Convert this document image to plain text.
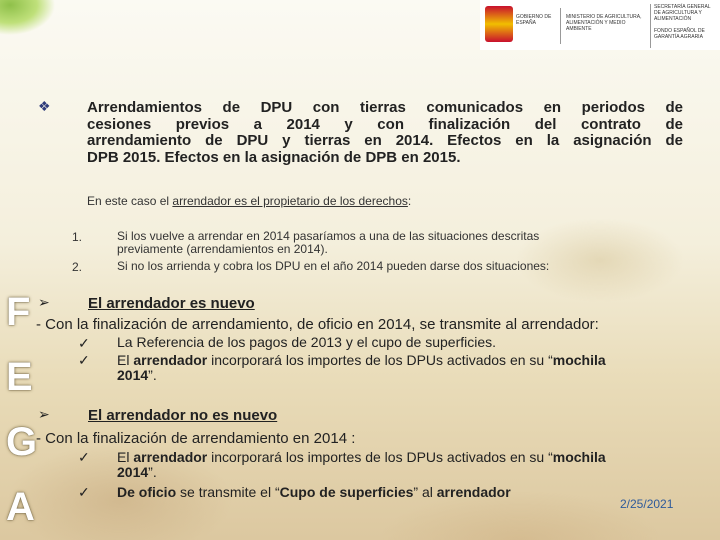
GOBIERNO DE ESPAÑA
MINISTERIO DE AGRICULTURA, ALIMENTACIÓN Y MEDIO AMBIENTE
SECRETARÍA GENERAL DE AGRICULTURA Y ALIMENTACIÓN
FONDO ESPAÑOL DE GARANTÍA AGRARIA
❖ Arrendamientos de DPU con tierras comunicados en periodos de
cesiones previos a 2014 y con finalización del contrato de
arrendamiento de DPU y tierras en 2014. Efectos en la asignación de
DPB 2015. Efectos en la asignación de DPB en 2015.
En este caso el arrendador es el propietario de los derechos:
1.	Si los vuelve a arrendar en 2014 pasaríamos a una de las situaciones descritas
previamente (arrendamientos en 2014).
2.	Si no los arrienda y cobra los DPU en el año 2014 pueden darse dos situaciones:
➢	El arrendador es nuevo
- Con la finalización de arrendamiento, de oficio en 2014, se transmite al arrendador:
✓ La Referencia de los pagos de 2013 y el cupo de superficies.
✓ El arrendador incorporará los importes de los DPUs activados en su “mochila
2014”.
➢	El arrendador no es nuevo
- Con la finalización de arrendamiento en 2014 :
✓ El arrendador incorporará los importes de los DPUs activados en su “mochila
2014”.
✓ De oficio se transmite el “Cupo de superficies” al arrendador
F
E
G
A	2/25/2021
